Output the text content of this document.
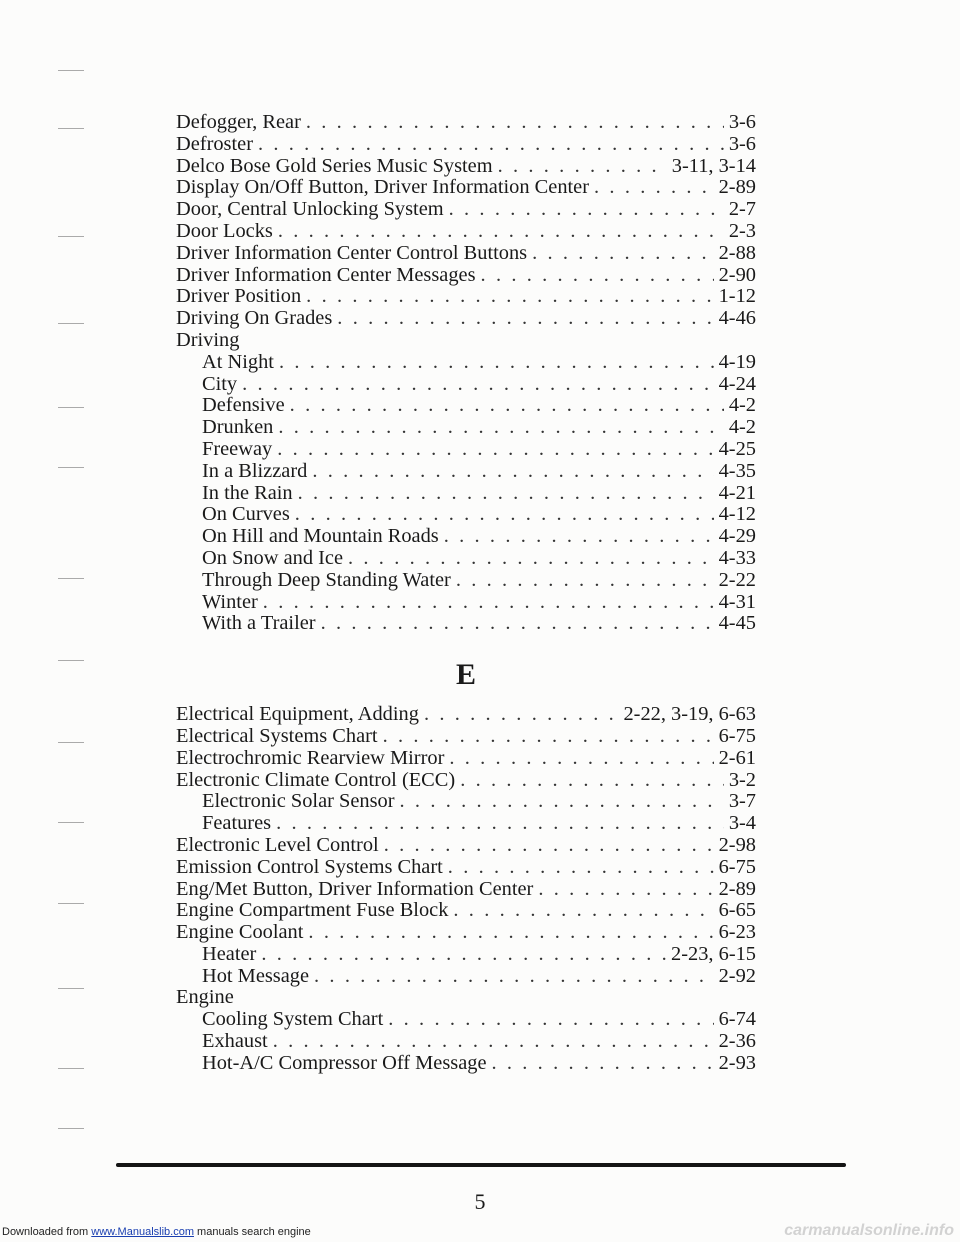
Defogger, Rear . . .	3-6
Defroster . . .	3-6
Delco Bose Gold Series Music System . . .	3-11, 3-14
Display On/Off Button, Driver Information Center . . .	2-89
Door, Central Unlocking System . . .	2-7
Door Locks . . .	2-3
Driver Information Center Control Buttons . . .	2-88
Driver Information Center Messages . . .	2-90
Driver Position . . .	1-12
Driving On Grades . . .	4-46
Driving
At Night . . .	4-19
City . . .	4-24
Defensive . . .	4-2
Drunken . . .	4-2
Freeway . . .	4-25
In a Blizzard . . .	4-35
In the Rain . . .	4-21
On Curves . . .	4-12
On Hill and Mountain Roads . . .	4-29
On Snow and Ice . . .	4-33
Through Deep Standing Water . . .	2-22
Winter . . .	4-31
With a Trailer . . .	4-45
E
Electrical Equipment, Adding . . .	2-22, 3-19, 6-63
Electrical Systems Chart . . .	6-75
Electrochromic Rearview Mirror . . .	2-61
Electronic Climate Control (ECC) . . .	3-2
Electronic Solar Sensor . . .	3-7
Features . . .	3-4
Electronic Level Control . . .	2-98
Emission Control Systems Chart . . .	6-75
Eng/Met Button, Driver Information Center . . .	2-89
Engine Compartment Fuse Block . . .	6-65
Engine Coolant . . .	6-23
Heater . . .	2-23, 6-15
Hot Message . . .	2-92
Engine
Cooling System Chart . . .	6-74
Exhaust . . .	2-36
Hot-A/C Compressor Off Message . . .	2-93
5
Downloaded from www.Manualslib.com manuals search engine	carmanualsonline.info
